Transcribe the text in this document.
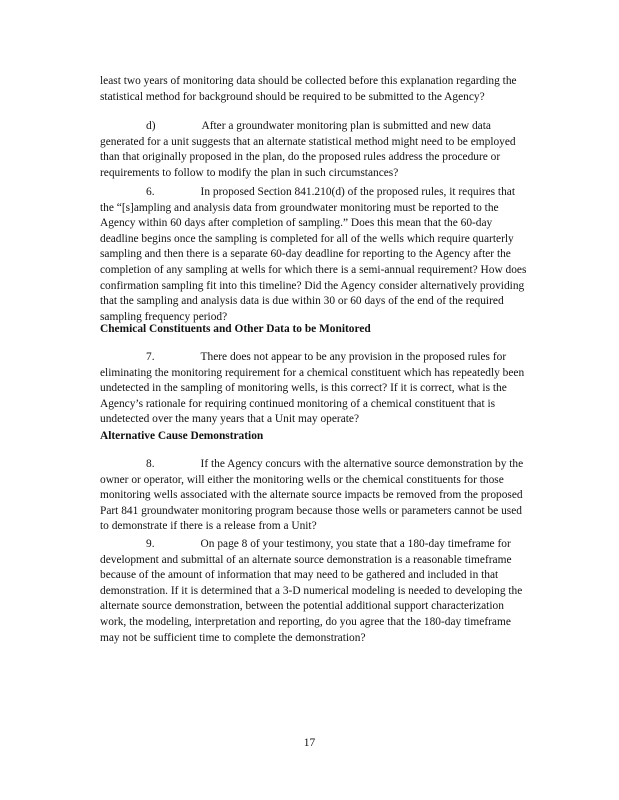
least two years of monitoring data should be collected before this explanation regarding the statistical method for background should be required to be submitted to the Agency?

d)	After a groundwater monitoring plan is submitted and new data generated for a unit suggests that an alternate statistical method might need to be employed than that originally proposed in the plan, do the proposed rules address the procedure or requirements to follow to modify the plan in such circumstances?

6.	In proposed Section 841.210(d) of the proposed rules, it requires that the “[s]ampling and analysis data from groundwater monitoring must be reported to the Agency within 60 days after completion of sampling.” Does this mean that the 60-day deadline begins once the sampling is completed for all of the wells which require quarterly sampling and then there is a separate 60-day deadline for reporting to the Agency after the completion of any sampling at wells for which there is a semi-annual requirement? How does confirmation sampling fit into this timeline? Did the Agency consider alternatively providing that the sampling and analysis data is due within 30 or 60 days of the end of the required sampling frequency period?

Chemical Constituents and Other Data to be Monitored

7.	There does not appear to be any provision in the proposed rules for eliminating the monitoring requirement for a chemical constituent which has repeatedly been undetected in the sampling of monitoring wells, is this correct? If it is correct, what is the Agency’s rationale for requiring continued monitoring of a chemical constituent that is undetected over the many years that a Unit may operate?

Alternative Cause Demonstration

8.	If the Agency concurs with the alternative source demonstration by the owner or operator, will either the monitoring wells or the chemical constituents for those monitoring wells associated with the alternate source impacts be removed from the proposed Part 841 groundwater monitoring program because those wells or parameters cannot be used to demonstrate if there is a release from a Unit?

9.	On page 8 of your testimony, you state that a 180-day timeframe for development and submittal of an alternate source demonstration is a reasonable timeframe because of the amount of information that may need to be gathered and included in that demonstration. If it is determined that a 3-D numerical modeling is needed to developing the alternate source demonstration, between the potential additional support characterization work, the modeling, interpretation and reporting, do you agree that the 180-day timeframe may not be sufficient time to complete the demonstration?

17
